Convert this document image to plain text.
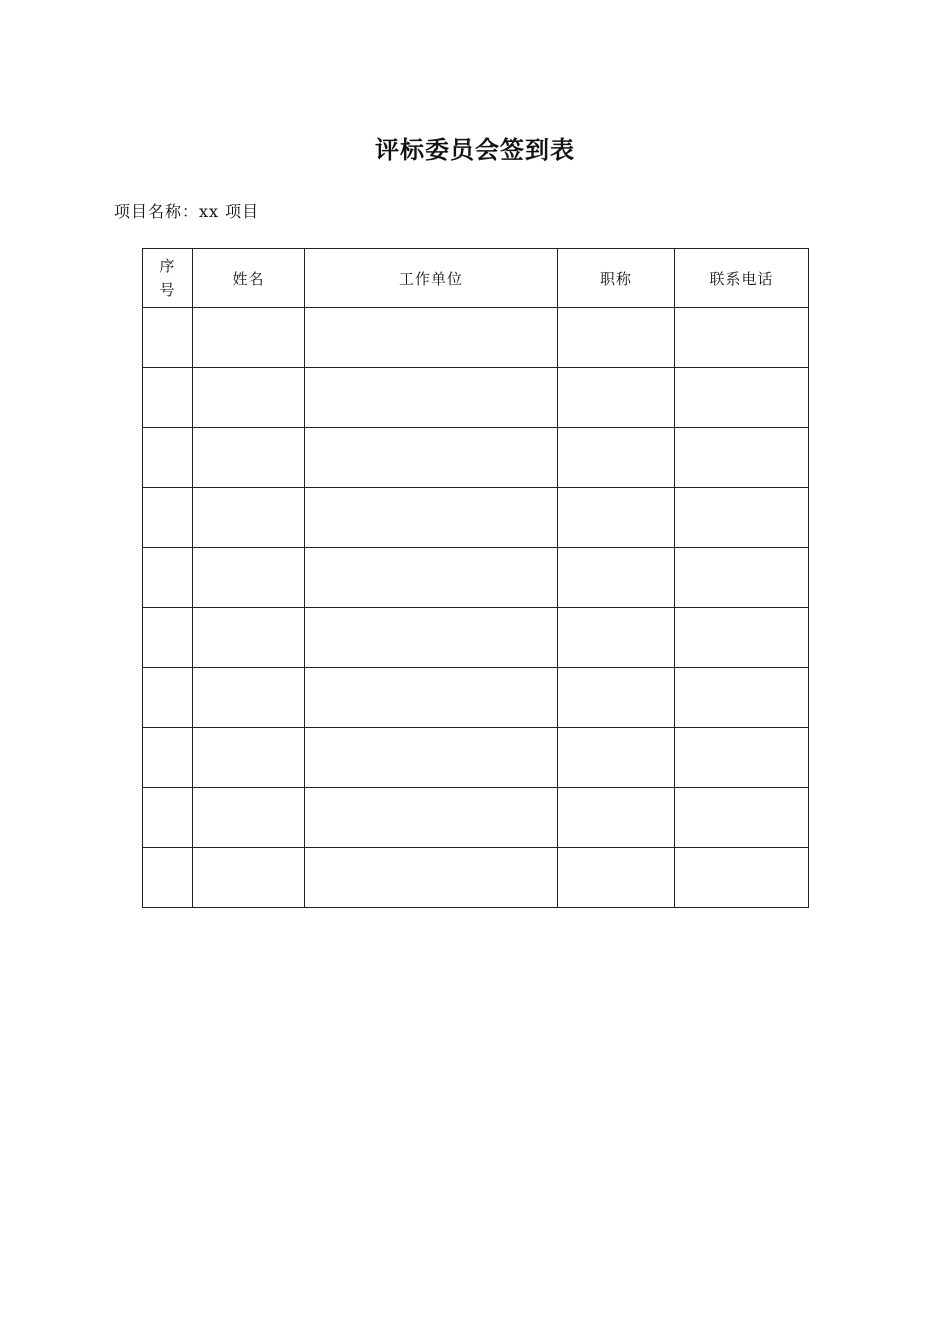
评标委员会签到表
项目名称：xx 项目
序
号	姓名	工作单位	职称	联系电话
